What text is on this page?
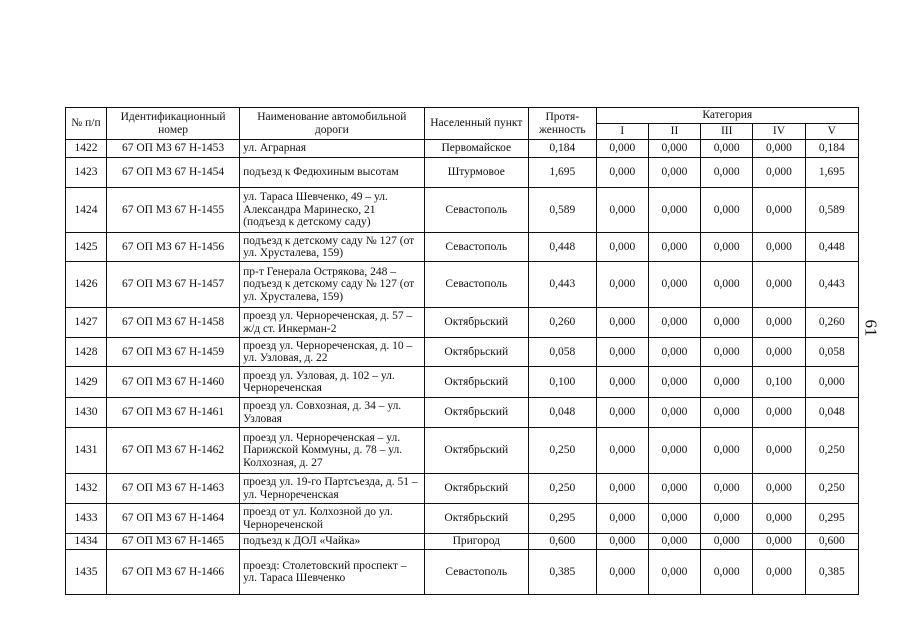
№ п/п	Идентификационный номер	Наименование автомобильной дороги	Населенный пункт	Протя-женность	Категория				
					I	II	III	IV	V
1422	67 ОП МЗ 67 Н-1453	ул. Аграрная	Первомайское	0,184	0,000	0,000	0,000	0,000	0,184
1423	67 ОП МЗ 67 Н-1454	подъезд к Федюхиным высотам	Штурмовое	1,695	0,000	0,000	0,000	0,000	1,695
1424	67 ОП МЗ 67 Н-1455	ул. Тараса Шевченко, 49 – ул. Александра Маринеско, 21 (подъезд к детскому саду)	Севастополь	0,589	0,000	0,000	0,000	0,000	0,589
1425	67 ОП МЗ 67 Н-1456	подъезд к детскому саду № 127 (от ул. Хрусталева, 159)	Севастополь	0,448	0,000	0,000	0,000	0,000	0,448
1426	67 ОП МЗ 67 Н-1457	пр-т Генерала Острякова, 248 – подъезд к детскому саду № 127 (от ул. Хрусталева, 159)	Севастополь	0,443	0,000	0,000	0,000	0,000	0,443
1427	67 ОП МЗ 67 Н-1458	проезд ул. Чернореченская, д. 57 – ж/д ст. Инкерман-2	Октябрьский	0,260	0,000	0,000	0,000	0,000	0,260
1428	67 ОП МЗ 67 Н-1459	проезд ул. Чернореченская, д. 10 – ул. Узловая, д. 22	Октябрьский	0,058	0,000	0,000	0,000	0,000	0,058
1429	67 ОП МЗ 67 Н-1460	проезд ул. Узловая, д. 102 – ул. Чернореченская	Октябрьский	0,100	0,000	0,000	0,000	0,100	0,000
1430	67 ОП МЗ 67 Н-1461	проезд ул. Совхозная, д. 34 – ул. Узловая	Октябрьский	0,048	0,000	0,000	0,000	0,000	0,048
1431	67 ОП МЗ 67 Н-1462	проезд ул. Чернореченская – ул. Парижской Коммуны, д. 78 – ул. Колхозная, д. 27	Октябрьский	0,250	0,000	0,000	0,000	0,000	0,250
1432	67 ОП МЗ 67 Н-1463	проезд ул. 19-го Партсъезда, д. 51 – ул. Чернореченская	Октябрьский	0,250	0,000	0,000	0,000	0,000	0,250
1433	67 ОП МЗ 67 Н-1464	проезд от ул. Колхозной до ул. Чернореченской	Октябрьский	0,295	0,000	0,000	0,000	0,000	0,295
1434	67 ОП МЗ 67 Н-1465	подъезд к ДОЛ «Чайка»	Пригород	0,600	0,000	0,000	0,000	0,000	0,600
1435	67 ОП МЗ 67 Н-1466	проезд: Столетовский проспект – ул. Тараса Шевченко	Севастополь	0,385	0,000	0,000	0,000	0,000	0,385
61
